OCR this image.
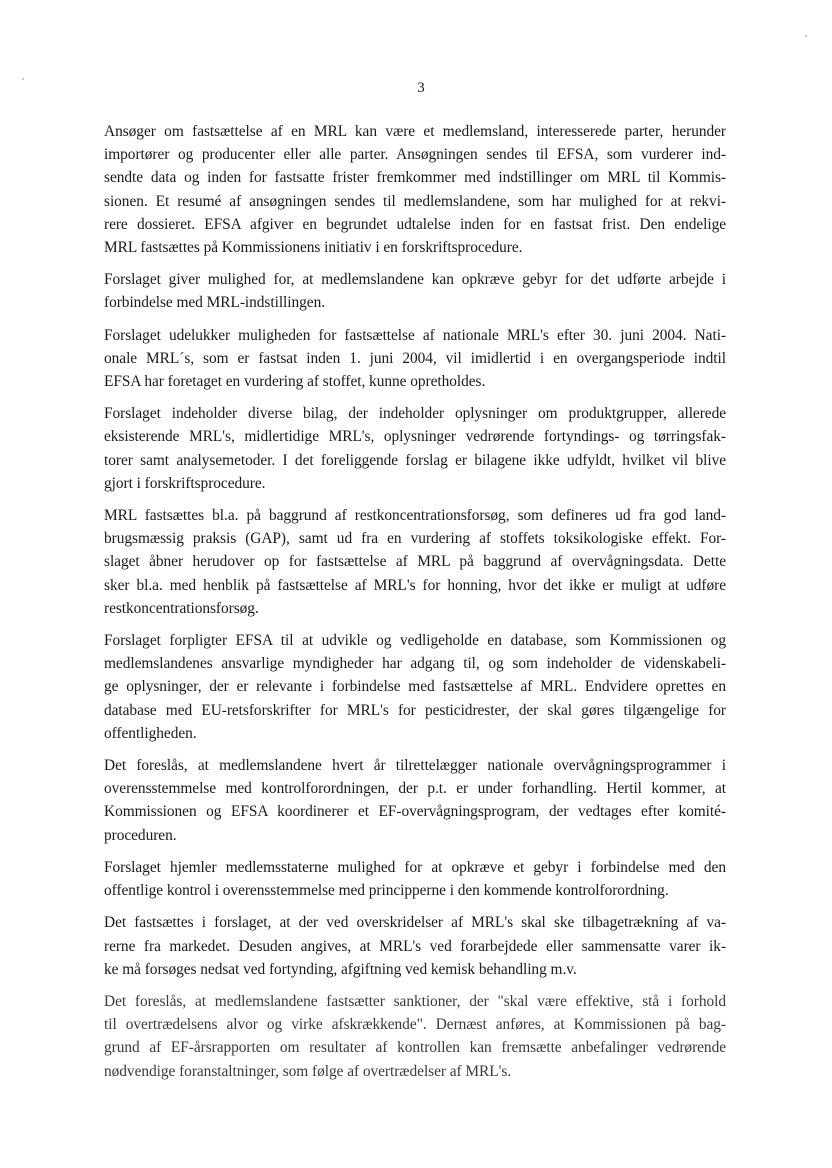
3

Ansøger om fastsættelse af en MRL kan være et medlemsland, interesserede parter, herunder
importører og producenter eller alle parter. Ansøgningen sendes til EFSA, som vurderer ind-
sendte data og inden for fastsatte frister fremkommer med indstillinger om MRL til Kommis-
sionen. Et resumé af ansøgningen sendes til medlemslandene, som har mulighed for at rekvi-
rere dossieret. EFSA afgiver en begrundet udtalelse inden for en fastsat frist. Den endelige
MRL fastsættes på Kommissionens initiativ i en forskriftsprocedure.

Forslaget giver mulighed for, at medlemslandene kan opkræve gebyr for det udførte arbejde i
forbindelse med MRL-indstillingen.

Forslaget udelukker muligheden for fastsættelse af nationale MRL's efter 30. juni 2004. Nati-
onale MRL´s, som er fastsat inden 1. juni 2004, vil imidlertid i en overgangsperiode indtil
EFSA har foretaget en vurdering af stoffet, kunne opretholdes.

Forslaget indeholder diverse bilag, der indeholder oplysninger om produktgrupper, allerede
eksisterende MRL's, midlertidige MRL's, oplysninger vedrørende fortyndings- og tørringsfak-
torer samt analysemetoder. I det foreliggende forslag er bilagene ikke udfyldt, hvilket vil blive
gjort i forskriftsprocedure.

MRL fastsættes bl.a. på baggrund af restkoncentrationsforsøg, som defineres ud fra god land-
brugsmæssig praksis (GAP), samt ud fra en vurdering af stoffets toksikologiske effekt. For-
slaget åbner herudover op for fastsættelse af MRL på baggrund af overvågningsdata. Dette
sker bl.a. med henblik på fastsættelse af MRL's for honning, hvor det ikke er muligt at udføre
restkoncentrationsforsøg.

Forslaget forpligter EFSA til at udvikle og vedligeholde en database, som Kommissionen og
medlemslandenes ansvarlige myndigheder har adgang til, og som indeholder de videnskabeli-
ge oplysninger, der er relevante i forbindelse med fastsættelse af MRL. Endvidere oprettes en
database med EU-retsforskrifter for MRL's for pesticidrester, der skal gøres tilgængelige for
offentligheden.

Det foreslås, at medlemslandene hvert år tilrettelægger nationale overvågningsprogrammer i
overensstemmelse med kontrolforordningen, der p.t. er under forhandling. Hertil kommer, at
Kommissionen og EFSA koordinerer et EF-overvågningsprogram, der vedtages efter komité-
proceduren.

Forslaget hjemler medlemsstaterne mulighed for at opkræve et gebyr i forbindelse med den
offentlige kontrol i overensstemmelse med principperne i den kommende kontrolforordning.

Det fastsættes i forslaget, at der ved overskridelser af MRL's skal ske tilbagetrækning af va-
rerne fra markedet. Desuden angives, at MRL's ved forarbejdede eller sammensatte varer ik-
ke må forsøges nedsat ved fortynding, afgiftning ved kemisk behandling m.v.

Det foreslås, at medlemslandene fastsætter sanktioner, der "skal være effektive, stå i forhold
til overtrædelsens alvor og virke afskrækkende". Dernæst anføres, at Kommissionen på bag-
grund af EF-årsrapporten om resultater af kontrollen kan fremsætte anbefalinger vedrørende
nødvendige foranstaltninger, som følge af overtrædelser af MRL's.
